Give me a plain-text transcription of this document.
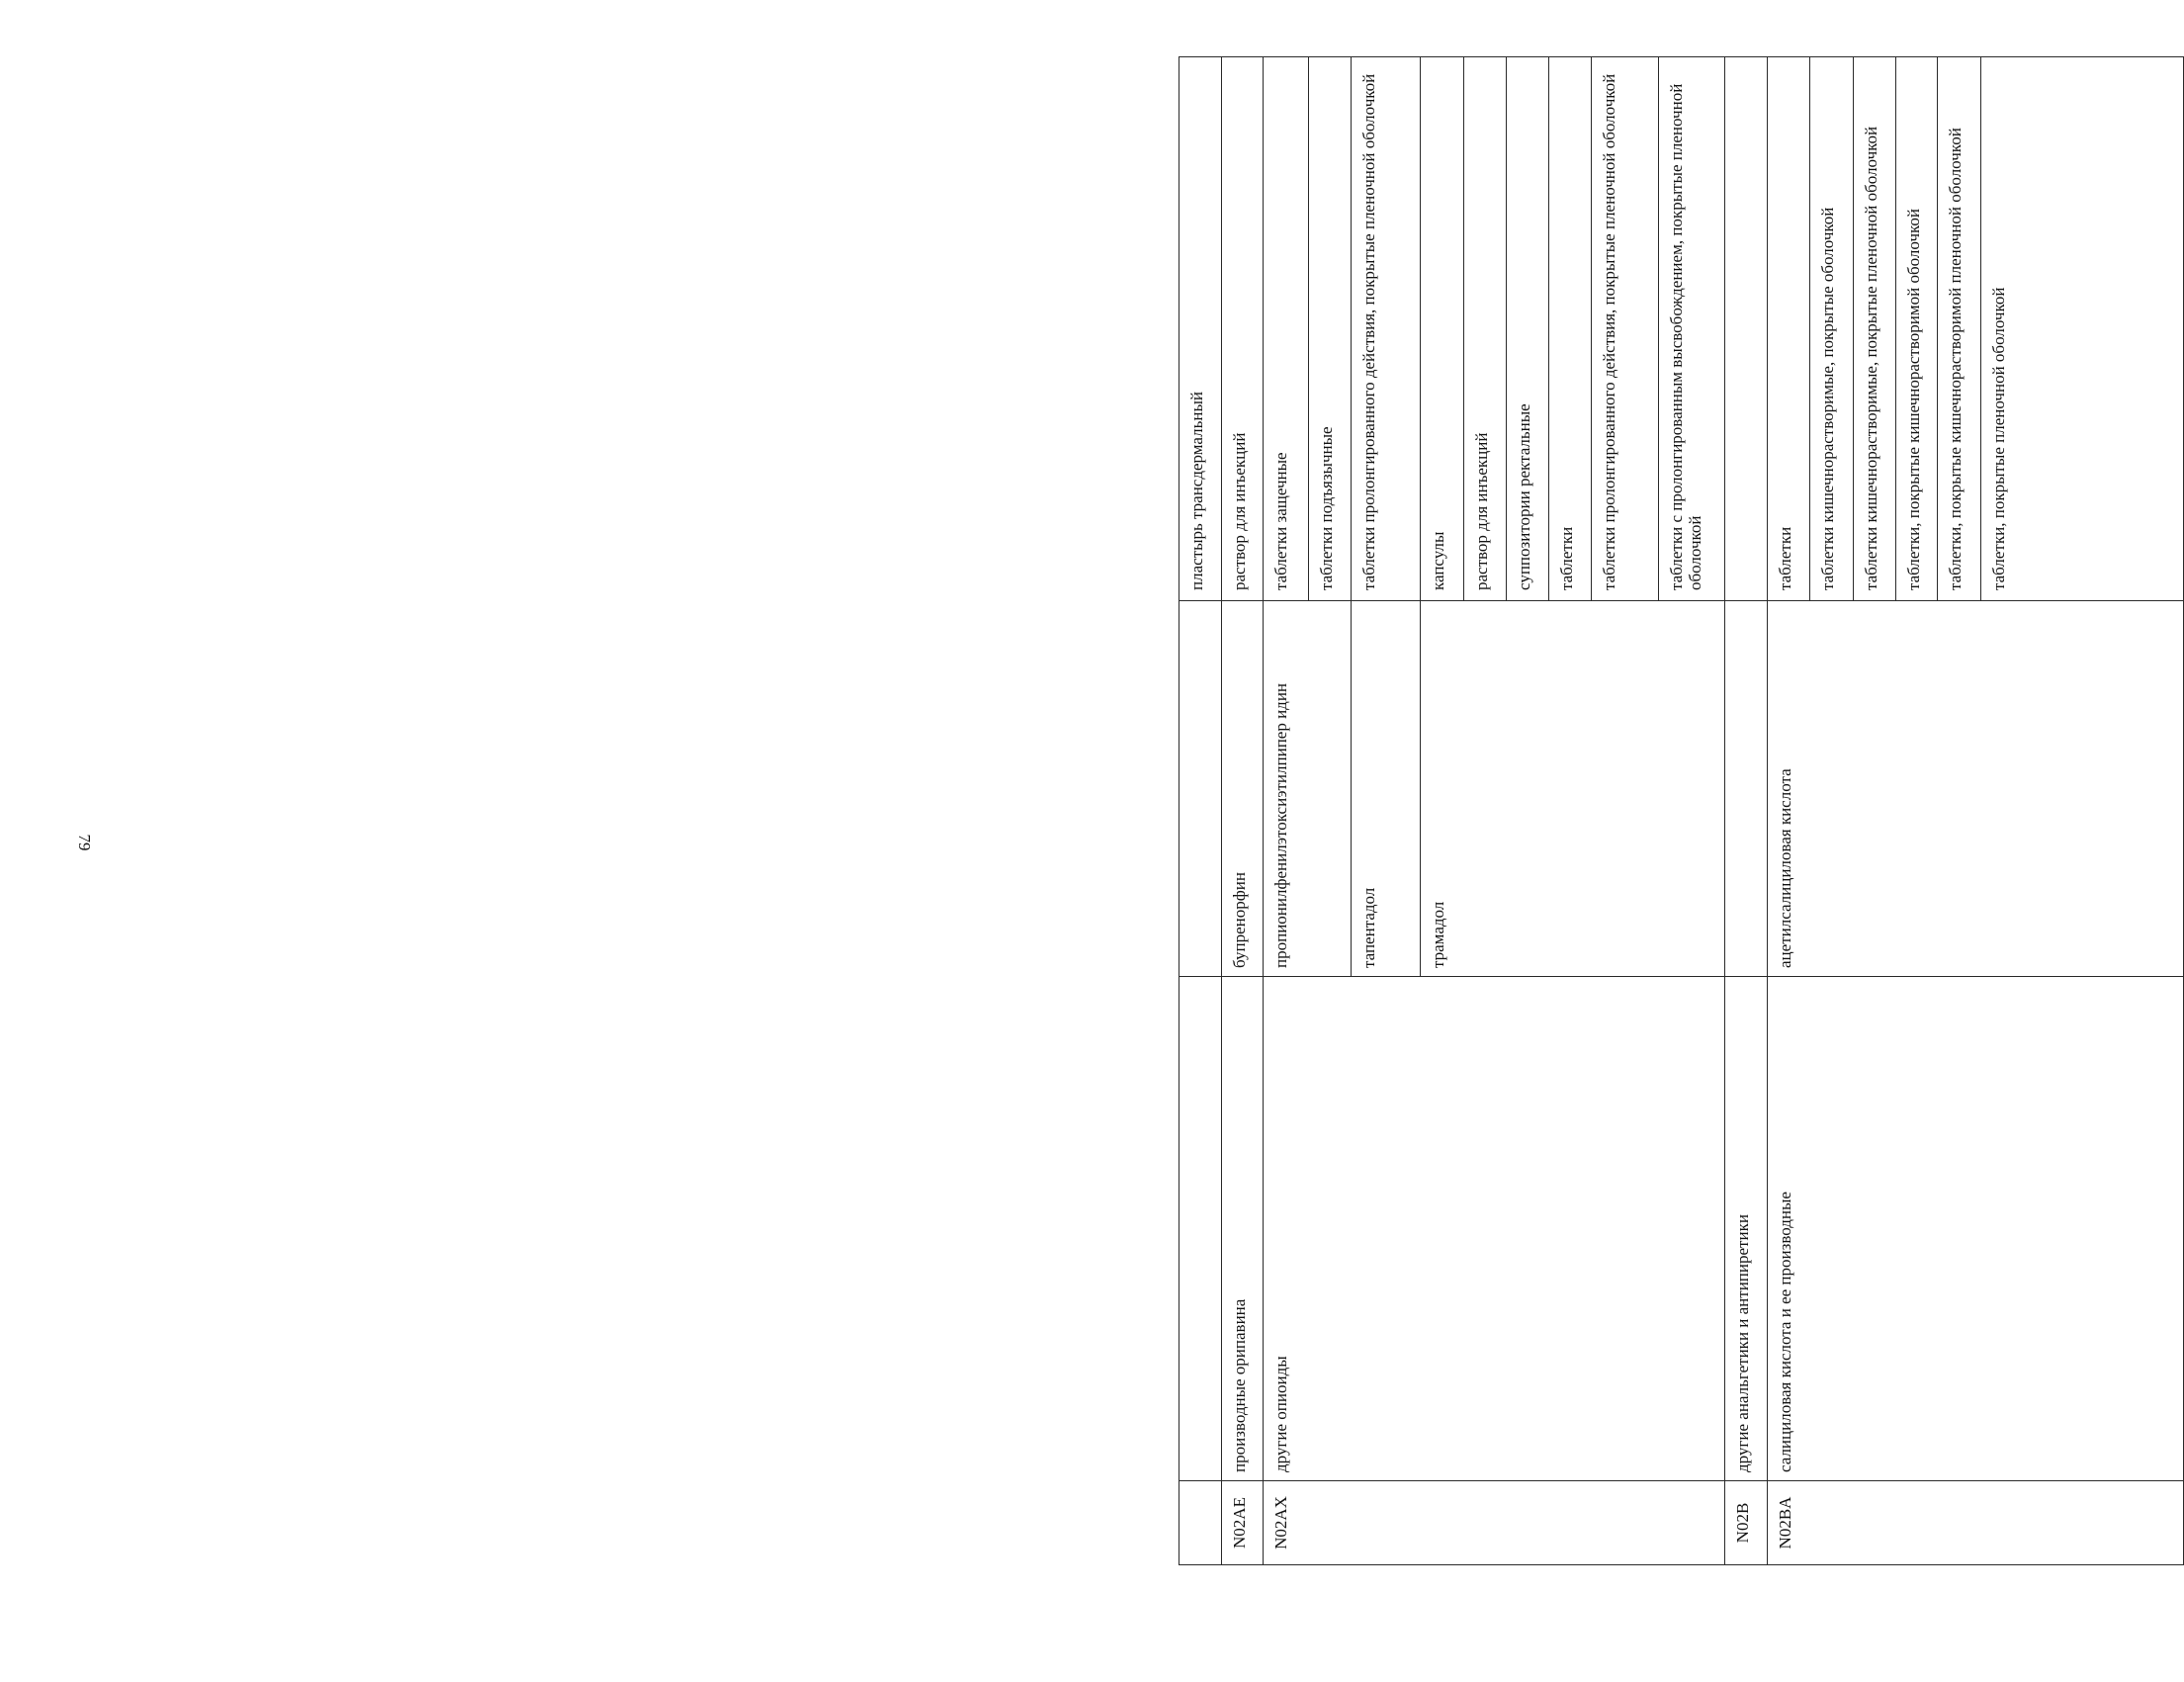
79
			пластырь трансдермальный
N02AE	производные орипавина	бупренорфин	раствор для инъекций
N02AX	другие опиоиды	пропионилфенилэтоксиэтилпипер идин	таблетки защечные
			таблетки подъязычные
		тапентадол	таблетки пролонгированного действия, покрытые пленочной оболочкой
		трамадол	капсулы
			раствор для инъекций
			суппозитории ректальные
			таблетки
			таблетки пролонгированного действия, покрытые пленочной оболочкой
			таблетки с пролонгированным высвобождением, покрытые пленочной оболочкой
N02B	другие анальгетики и антипиретики		
N02BA	салициловая кислота и ее производные	ацетилсалициловая кислота	таблетки
			таблетки кишечнорастворимые, покрытые оболочкой
			таблетки кишечнорастворимые, покрытые пленочной оболочкой
			таблетки, покрытые кишечнорастворимой оболочкой
			таблетки, покрытые кишечнорастворимой пленочной оболочкой
			таблетки, покрытые пленочной оболочкой
